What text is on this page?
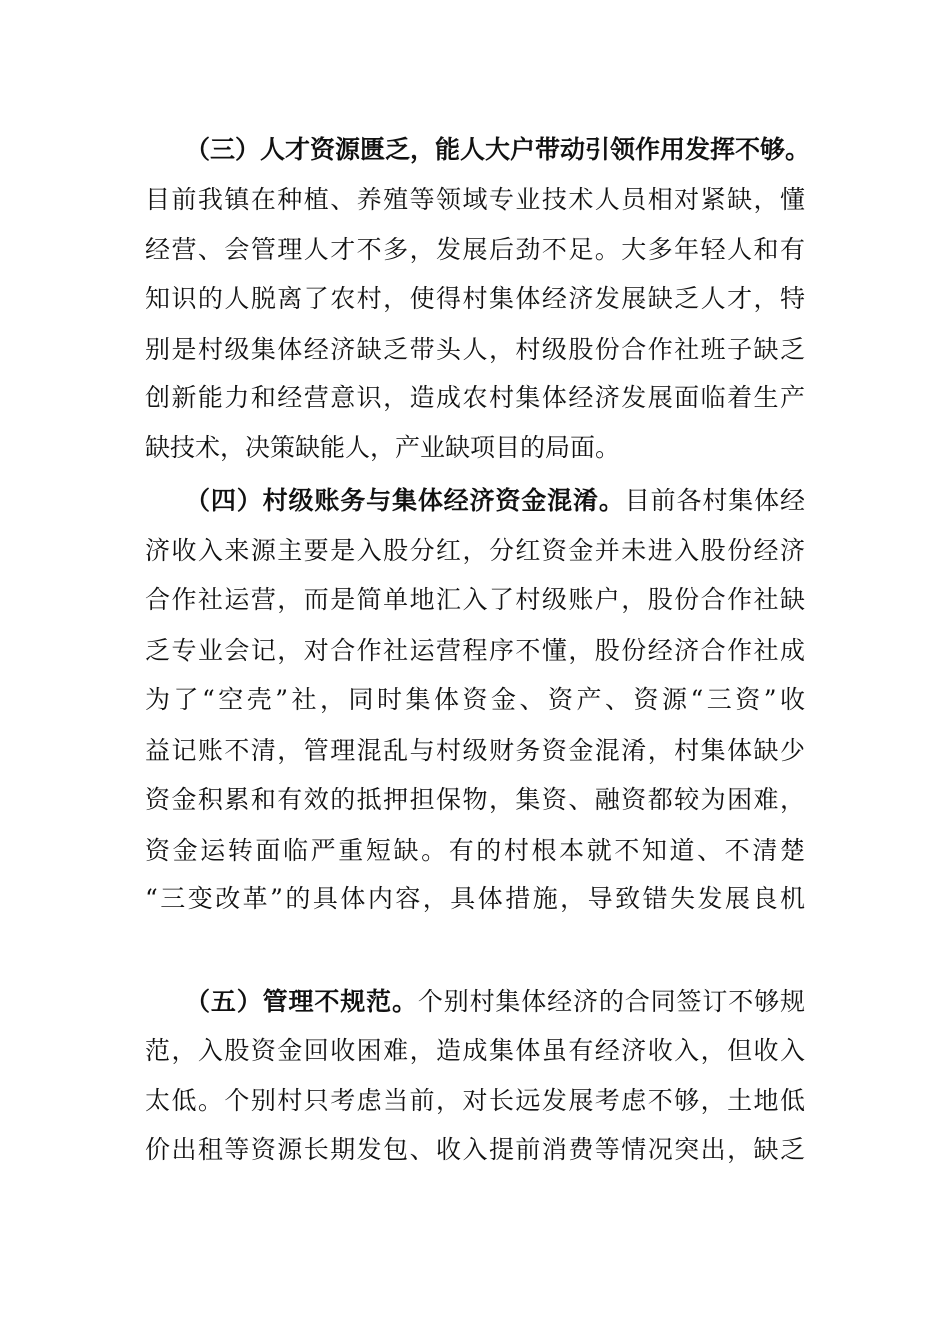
（三）人才资源匮乏，能人大户带动引领作用发挥不够。
目前我镇在种植、养殖等领域专业技术人员相对紧缺，懂
经营、会管理人才不多，发展后劲不足。大多年轻人和有
知识的人脱离了农村，使得村集体经济发展缺乏人才，特
别是村级集体经济缺乏带头人，村级股份合作社班子缺乏
创新能力和经营意识，造成农村集体经济发展面临着生产
缺技术，决策缺能人，产业缺项目的局面。
（四）村级账务与集体经济资金混淆。目前各村集体经
济收入来源主要是入股分红，分红资金并未进入股份经济
合作社运营，而是简单地汇入了村级账户，股份合作社缺
乏专业会记，对合作社运营程序不懂，股份经济合作社成
为了“空壳”社，同时集体资金、资产、资源“三资”收
益记账不清，管理混乱与村级财务资金混淆，村集体缺少
资金积累和有效的抵押担保物，集资、融资都较为困难，
资金运转面临严重短缺。有的村根本就不知道、不清楚
“三变改革”的具体内容，具体措施，导致错失发展良机
（五）管理不规范。个别村集体经济的合同签订不够规
范，入股资金回收困难，造成集体虽有经济收入，但收入
太低。个别村只考虑当前，对长远发展考虑不够，土地低
价出租等资源长期发包、收入提前消费等情况突出，缺乏
